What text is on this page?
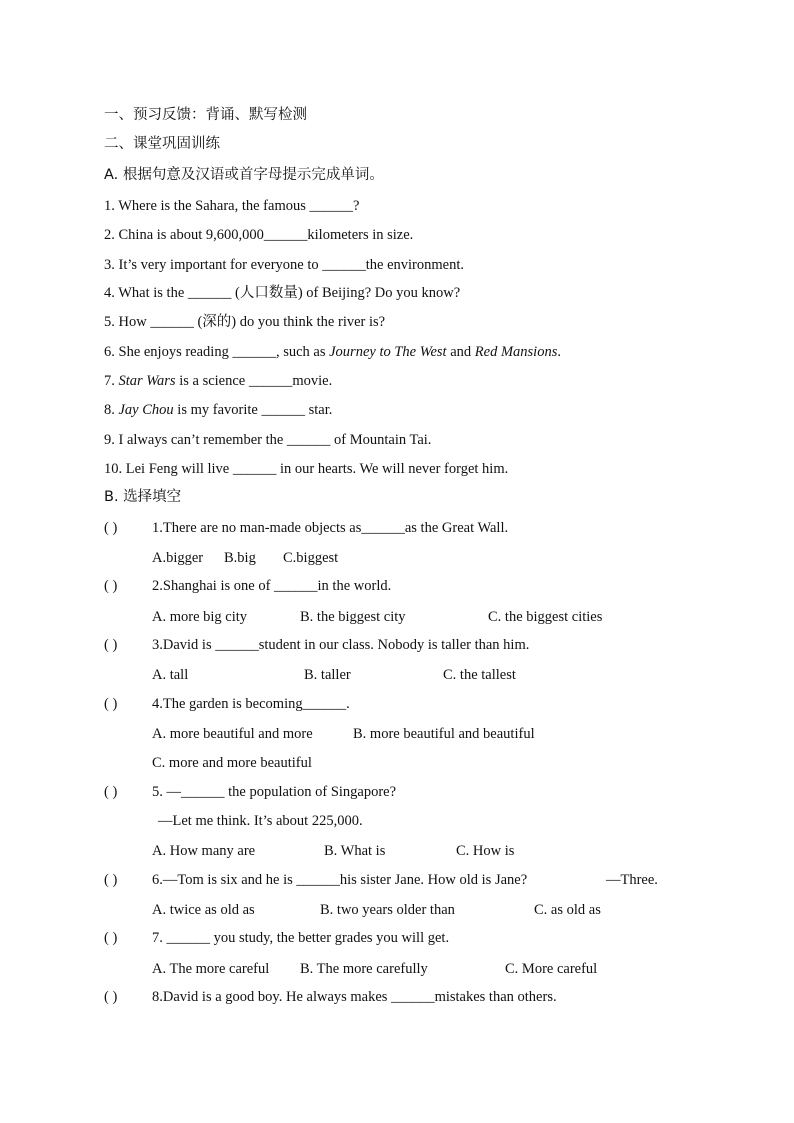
一、预习反馈：背诵、默写检测
二、课堂巩固训练
A. 根据句意及汉语或首字母提示完成单词。
1. Where is the Sahara, the famous ______?
2. China is about 9,600,000______kilometers in size.
3. It’s very important for everyone to ______the environment.
4. What is the ______ (人口数量) of Beijing? Do you know?
5. How ______ (深的) do you think the river is?
6. She enjoys reading ______, such as Journey to The West and Red Mansions.
7. Star Wars is a science ______movie.
8. Jay Chou is my favorite ______ star.
9. I always can’t remember the ______ of Mountain Tai.
10. Lei Feng will live ______ in our hearts. We will never forget him.
B. 选择填空
( ) 1.There are no man-made objects as______as the Great Wall.
A.bigger B.big C.biggest
( ) 2.Shanghai is one of ______in the world.
A. more big city	B. the biggest city	C. the biggest cities
( ) 3.David is ______student in our class. Nobody is taller than him.
A. tall	B. taller	C. the tallest
( ) 4.The garden is becoming______.
A. more beautiful and more	B. more beautiful and beautiful
C. more and more beautiful
( ) 5. —______ the population of Singapore?
—Let me think. It’s about 225,000.
A. How many are	B. What is	C. How is
( ) 6.—Tom is six and he is ______his sister Jane. How old is Jane?	—Three.
A. twice as old as	B. two years older than	C. as old as
( ) 7. ______ you study, the better grades you will get.
A. The more careful B. The more carefully	C. More careful
( ) 8.David is a good boy. He always makes ______mistakes than others.
